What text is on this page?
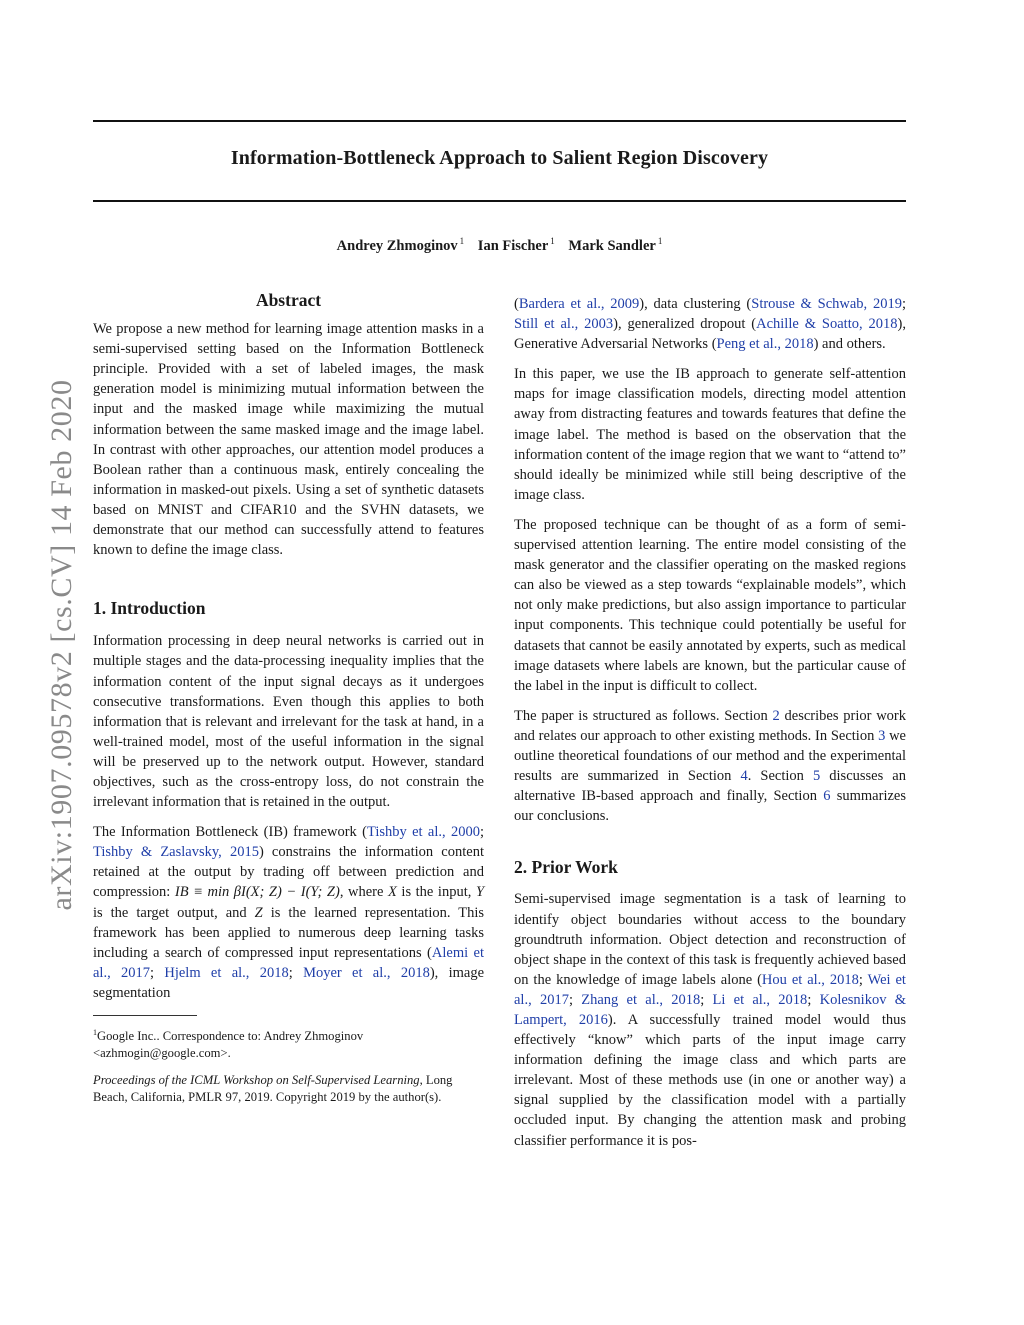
Information-Bottleneck Approach to Salient Region Discovery
Andrey Zhmoginov $^1$ Ian Fischer $^1$ Mark Sandler $^1$
arXiv:1907.09578v2 [cs.CV] 14 Feb 2020
Abstract

We propose a new method for learning image attention masks in a semi-supervised setting based on the Information Bottleneck principle. Provided with a set of labeled images, the mask generation model is minimizing mutual information between the input and the masked image while maximizing the mutual information between the same masked image and the image label. In contrast with other approaches, our attention model produces a Boolean rather than a continuous mask, entirely concealing the information in masked-out pixels. Using a set of synthetic datasets based on MNIST and CIFAR10 and the SVHN datasets, we demonstrate that our method can successfully attend to features known to define the image class.

1. Introduction

Information processing in deep neural networks is carried out in multiple stages and the data-processing inequality implies that the information content of the input signal decays as it undergoes consecutive transformations. Even though this applies to both information that is relevant and irrelevant for the task at hand, in a well-trained model, most of the useful information in the signal will be preserved up to the network output. However, standard objectives, such as the cross-entropy loss, do not constrain the irrelevant information that is retained in the output.

The Information Bottleneck (IB) framework (Tishby et al., 2000; Tishby & Zaslavsky, 2015) constrains the information content retained at the output by trading off between prediction and compression: IB ≡ min βI(X; Z) − I(Y; Z), where X is the input, Y is the target output, and Z is the learned representation. This framework has been applied to numerous deep learning tasks including a search of compressed input representations (Alemi et al., 2017; Hjelm et al., 2018; Moyer et al., 2018), image segmentation

$^1$Google Inc.. Correspondence to: Andrey Zhmoginov <azhmogin@google.com>.

Proceedings of the ICML Workshop on Self-Supervised Learning, Long Beach, California, PMLR 97, 2019. Copyright 2019 by the author(s).

(Bardera et al., 2009), data clustering (Strouse & Schwab, 2019; Still et al., 2003), generalized dropout (Achille & Soatto, 2018), Generative Adversarial Networks (Peng et al., 2018) and others.

In this paper, we use the IB approach to generate self-attention maps for image classification models, directing model attention away from distracting features and towards features that define the image label. The method is based on the observation that the information content of the image region that we want to “attend to” should ideally be minimized while still being descriptive of the image class.

The proposed technique can be thought of as a form of semi-supervised attention learning. The entire model consisting of the mask generator and the classifier operating on the masked regions can also be viewed as a step towards “explainable models”, which not only make predictions, but also assign importance to particular input components. This technique could potentially be useful for datasets that cannot be easily annotated by experts, such as medical image datasets where labels are known, but the particular cause of the label in the input is difficult to collect.

The paper is structured as follows. Section 2 describes prior work and relates our approach to other existing methods. In Section 3 we outline theoretical foundations of our method and the experimental results are summarized in Section 4. Section 5 discusses an alternative IB-based approach and finally, Section 6 summarizes our conclusions.

2. Prior Work

Semi-supervised image segmentation is a task of learning to identify object boundaries without access to the boundary groundtruth information. Object detection and reconstruction of object shape in the context of this task is frequently achieved based on the knowledge of image labels alone (Hou et al., 2018; Wei et al., 2017; Zhang et al., 2018; Li et al., 2018; Kolesnikov & Lampert, 2016). A successfully trained model would thus effectively “know” which parts of the input image carry information defining the image class and which parts are irrelevant. Most of these methods use (in one or another way) a signal supplied by the classification model with a partially occluded input. By changing the attention mask and probing classifier performance it is pos-
